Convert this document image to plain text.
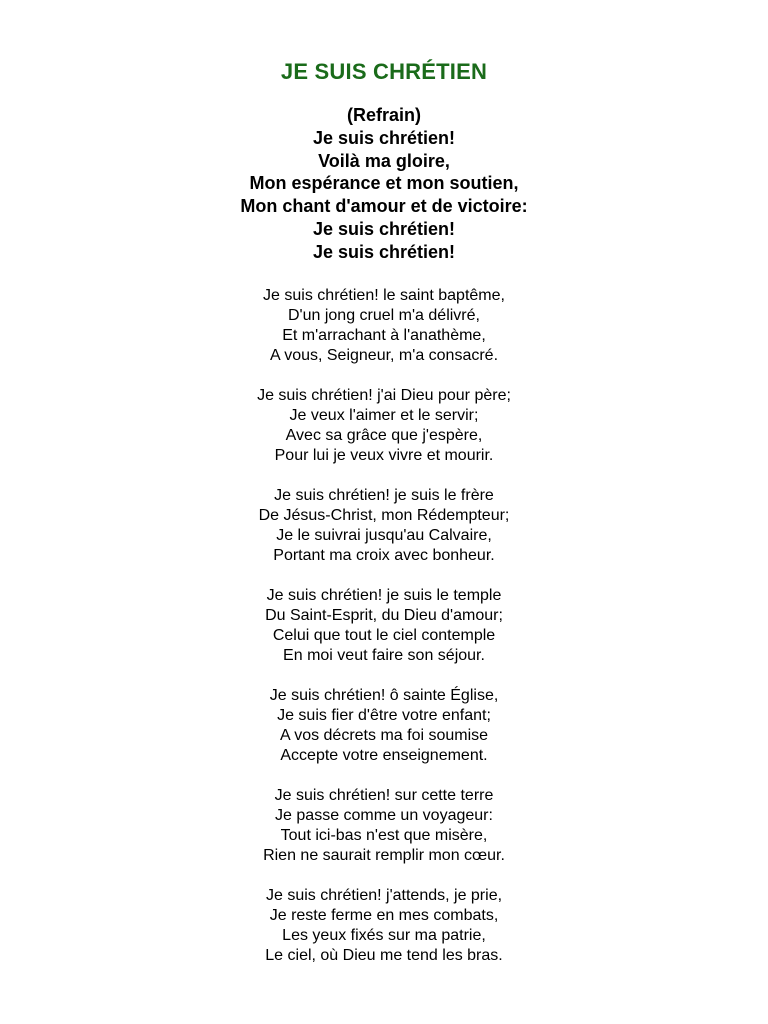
JE SUIS CHRÉTIEN
(Refrain)
Je suis chrétien!
Voilà ma gloire,
Mon espérance et mon soutien,
Mon chant d'amour et de victoire:
Je suis chrétien!
Je suis chrétien!
Je suis chrétien! le saint baptême,
D'un jong cruel m'a délivré,
Et m'arrachant à l'anathème,
A vous, Seigneur, m'a consacré.
Je suis chrétien! j'ai Dieu pour père;
Je veux l'aimer et le servir;
Avec sa grâce que j'espère,
Pour lui je veux vivre et mourir.
Je suis chrétien! je suis le frère
De Jésus-Christ, mon Rédempteur;
Je le suivrai jusqu'au Calvaire,
Portant ma croix avec bonheur.
Je suis chrétien! je suis le temple
Du Saint-Esprit, du Dieu d'amour;
Celui que tout le ciel contemple
En moi veut faire son séjour.
Je suis chrétien! ô sainte Église,
Je suis fier d'être votre enfant;
A vos décrets ma foi soumise
Accepte votre enseignement.
Je suis chrétien! sur cette terre
Je passe comme un voyageur:
Tout ici-bas n'est que misère,
Rien ne saurait remplir mon cœur.
Je suis chrétien! j'attends, je prie,
Je reste ferme en mes combats,
Les yeux fixés sur ma patrie,
Le ciel, où Dieu me tend les bras.
